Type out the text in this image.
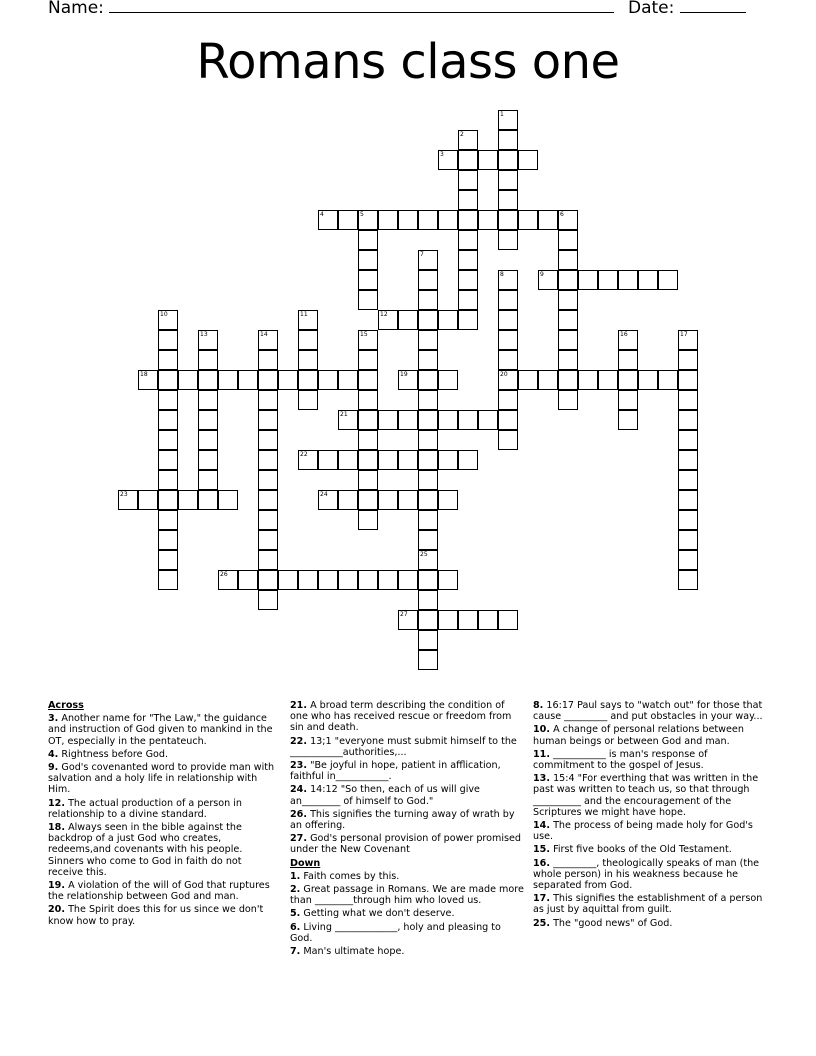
Name:	Date:
Romans class one
1
2
3
4	5	6
7
25
8
20
9
10	11	12
13	14	15	16	17
18	19
21
22
23	24
26
27
Across
3. Another name for "The Law," the guidance and instruction of God given to mankind in the OT, especially in the pentateuch.
4. Rightness before God.
9. God's covenanted word to provide man with salvation and a holy life in relationship with Him.
12. The actual production of a person in relationship to a divine standard.
18. Always seen in the bible against the backdrop of a just God who creates, redeems,and covenants with his people. Sinners who come to God in faith do not receive this.
19. A violation of the will of God that ruptures the relationship between God and man.
20. The Spirit does this for us since we don't know how to pray.
21. A broad term describing the condition of one who has received rescue or freedom from sin and death.
22. 13;1 "everyone must submit himself to the ___________authorities,...
23. "Be joyful in hope, patient in afflication, faithful in___________.
24. 14:12 "So then, each of us will give an________ of himself to God."
26. This signifies the turning away of wrath by an offering.
27. God's personal provision of power promised under the New Covenant
Down
1. Faith comes by this.
2. Great passage in Romans. We are made more than ________through him who loved us.
5. Getting what we don't deserve.
6. Living _____________, holy and pleasing to God.
7. Man's ultimate hope.
8. 16:17 Paul says to "watch out" for those that cause _________ and put obstacles in your way...
10. A change of personal relations between human beings or between God and man.
11. ___________ is man's response of commitment to the gospel of Jesus.
13. 15:4 "For everthing that was written in the past was written to teach us, so that through __________ and the encouragement of the Scriptures we might have hope.
14. The process of being made holy for God's use.
15. First five books of the Old Testament.
16. _________, theologically speaks of man (the whole person) in his weakness because he separated from God.
17. This signifies the establishment of a person as just by aquittal from guilt.
25. The "good news" of God.
